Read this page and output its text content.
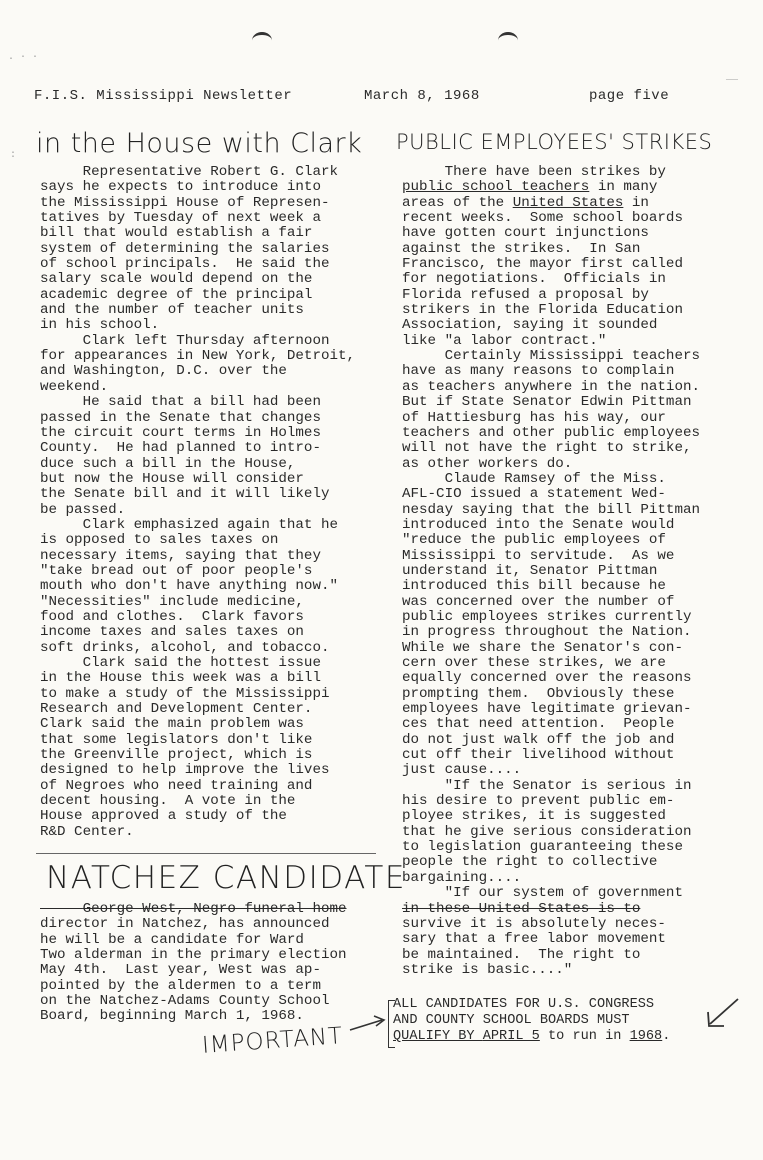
. · ·
__
:
F.I.S. Mississippi Newsletter	March 8, 1968	page five
in the House with Clark

Representative Robert G. Clark

says he expects to introduce into

the Mississippi House of Represen-

tatives by Tuesday of next week a

bill that would establish a fair

system of determining the salaries

of school principals.  He said the

salary scale would depend on the

academic degree of the principal

and the number of teacher units

in his school.

Clark left Thursday afternoon

for appearances in New York, Detroit,

and Washington, D.C. over the

weekend.

He said that a bill had been

passed in the Senate that changes

the circuit court terms in Holmes

County.  He had planned to intro-

duce such a bill in the House,

but now the House will consider

the Senate bill and it will likely

be passed.

Clark emphasized again that he

is opposed to sales taxes on

necessary items, saying that they

"take bread out of poor people's

mouth who don't have anything now."

"Necessities" include medicine,

food and clothes.  Clark favors

income taxes and sales taxes on

soft drinks, alcohol, and tobacco.

Clark said the hottest issue

in the House this week was a bill

to make a study of the Mississippi

Research and Development Center.

Clark said the main problem was

that some legislators don't like

the Greenville project, which is

designed to help improve the lives

of Negroes who need training and

decent housing.  A vote in the

House approved a study of the

R&D Center.

NATCHEZ CANDIDATE

George West, Negro funeral home

director in Natchez, has announced

he will be a candidate for Ward

Two alderman in the primary election

May 4th.  Last year, West was ap-

pointed by the aldermen to a term

on the Natchez-Adams County School

Board, beginning March 1, 1968.

IMPORTANT
PUBLIC EMPLOYEES' STRIKES

There have been strikes by

public school teachers in many

areas of the United States in

recent weeks.  Some school boards

have gotten court injunctions

against the strikes.  In San

Francisco, the mayor first called

for negotiations.  Officials in

Florida refused a proposal by

strikers in the Florida Education

Association, saying it sounded

like "a labor contract."

Certainly Mississippi teachers

have as many reasons to complain

as teachers anywhere in the nation.

But if State Senator Edwin Pittman

of Hattiesburg has his way, our

teachers and other public employees

will not have the right to strike,

as other workers do.

Claude Ramsey of the Miss.

AFL-CIO issued a statement Wed-

nesday saying that the bill Pittman

introduced into the Senate would

"reduce the public employees of

Mississippi to servitude.  As we

understand it, Senator Pittman

introduced this bill because he

was concerned over the number of

public employees strikes currently

in progress throughout the Nation.

While we share the Senator's con-

cern over these strikes, we are

equally concerned over the reasons

prompting them.  Obviously these

employees have legitimate grievan-

ces that need attention.  People

do not just walk off the job and

cut off their livelihood without

just cause....

"If the Senator is serious in

his desire to prevent public em-

ployee strikes, it is suggested

that he give serious consideration

to legislation guaranteeing these

people the right to collective

bargaining....

"If our system of government

in these United States is to

survive it is absolutely neces-

sary that a free labor movement

be maintained.  The right to

strike is basic...."

ALL CANDIDATES FOR U.S. CONGRESS

AND COUNTY SCHOOL BOARDS MUST

QUALIFY BY APRIL 5 to run in 1968.
